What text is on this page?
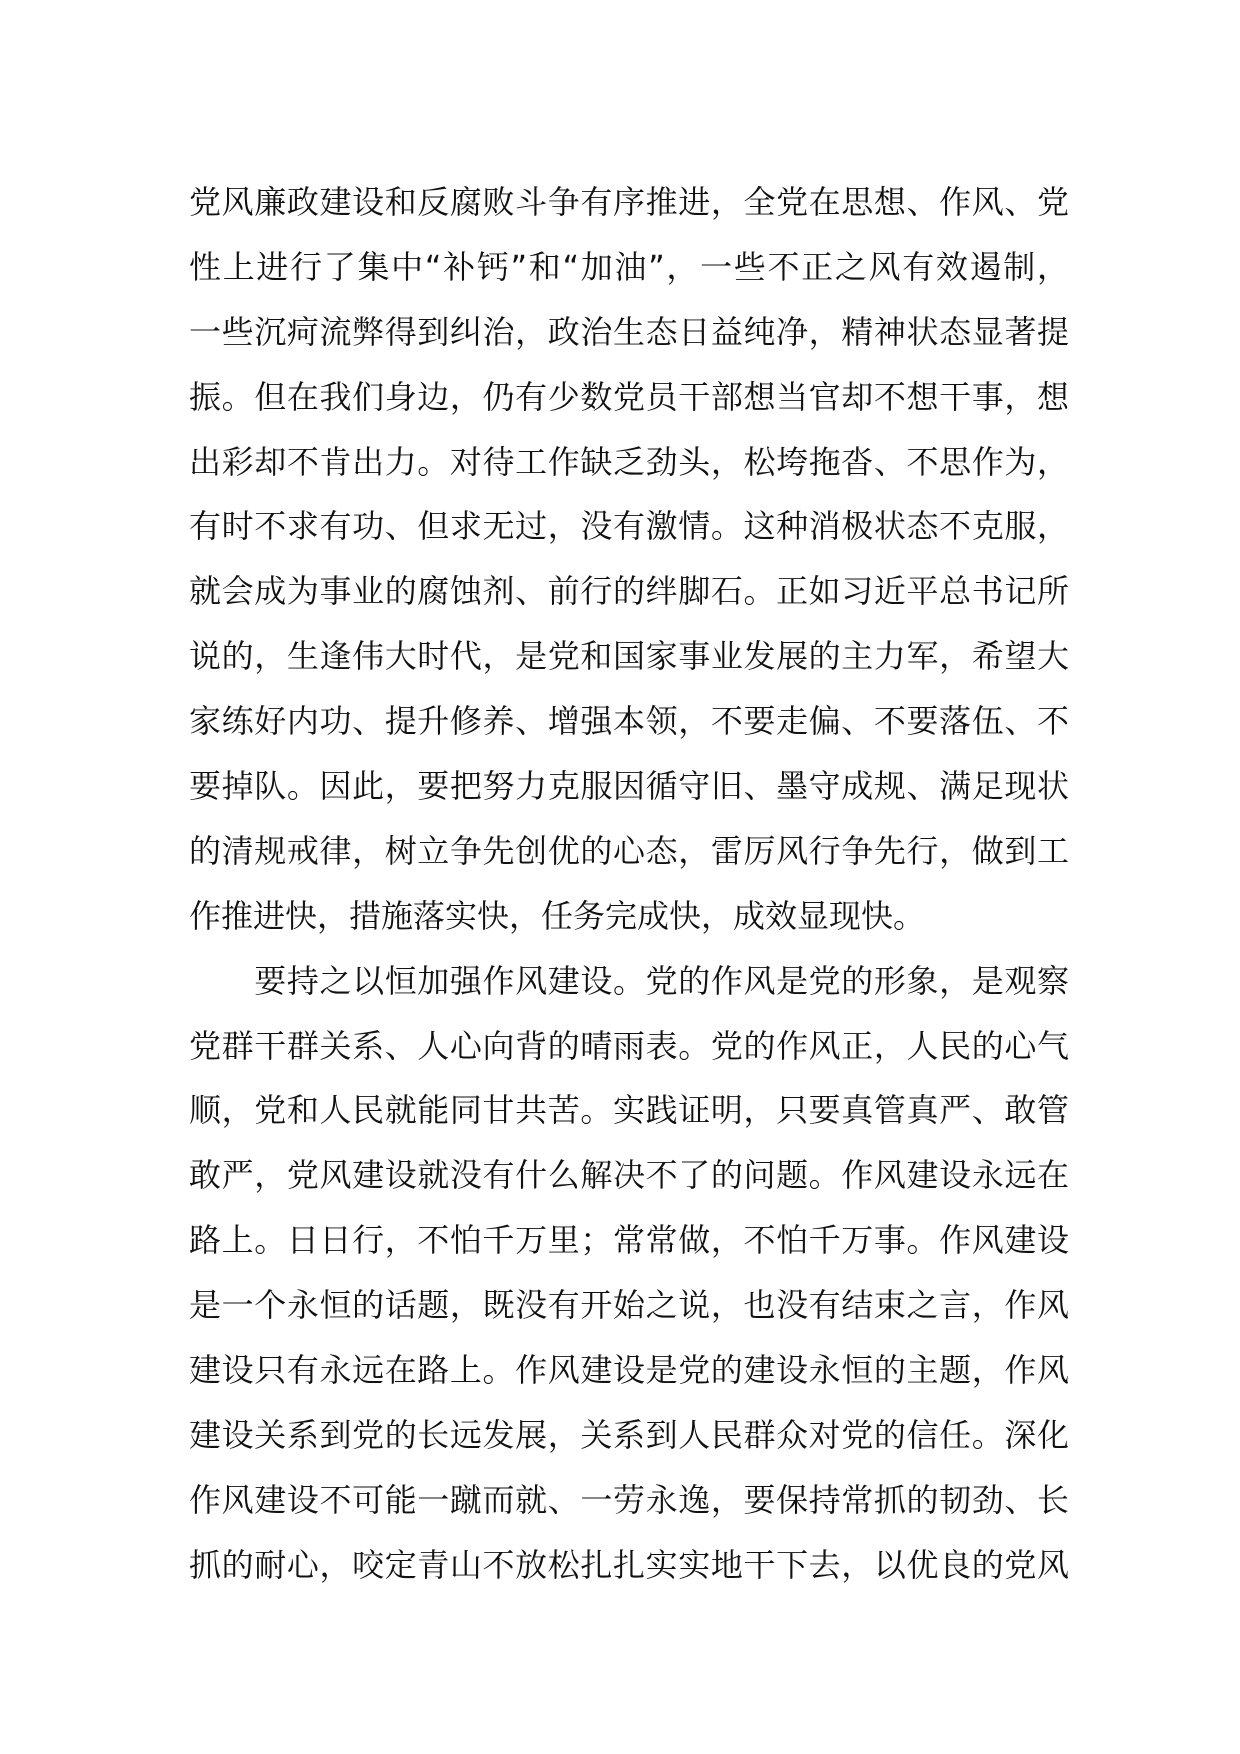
党风廉政建设和反腐败斗争有序推进，全党在思想、作风、党
性上进行了集中“补钙”和“加油”，一些不正之风有效遏制，
一些沉疴流弊得到纠治，政治生态日益纯净，精神状态显著提
振。但在我们身边，仍有少数党员干部想当官却不想干事，想
出彩却不肯出力。对待工作缺乏劲头，松垮拖沓、不思作为，
有时不求有功、但求无过，没有激情。这种消极状态不克服，
就会成为事业的腐蚀剂、前行的绊脚石。正如习近平总书记所
说的，生逢伟大时代，是党和国家事业发展的主力军，希望大
家练好内功、提升修养、增强本领，不要走偏、不要落伍、不
要掉队。因此，要把努力克服因循守旧、墨守成规、满足现状
的清规戒律，树立争先创优的心态，雷厉风行争先行，做到工
作推进快，措施落实快，任务完成快，成效显现快。
　　要持之以恒加强作风建设。党的作风是党的形象，是观察
党群干群关系、人心向背的晴雨表。党的作风正，人民的心气
顺，党和人民就能同甘共苦。实践证明，只要真管真严、敢管
敢严，党风建设就没有什么解决不了的问题。作风建设永远在
路上。日日行，不怕千万里；常常做，不怕千万事。作风建设
是一个永恒的话题，既没有开始之说，也没有结束之言，作风
建设只有永远在路上。作风建设是党的建设永恒的主题，作风
建设关系到党的长远发展，关系到人民群众对党的信任。深化
作风建设不可能一蹴而就、一劳永逸，要保持常抓的韧劲、长
抓的耐心，咬定青山不放松扎扎实实地干下去，以优良的党风
